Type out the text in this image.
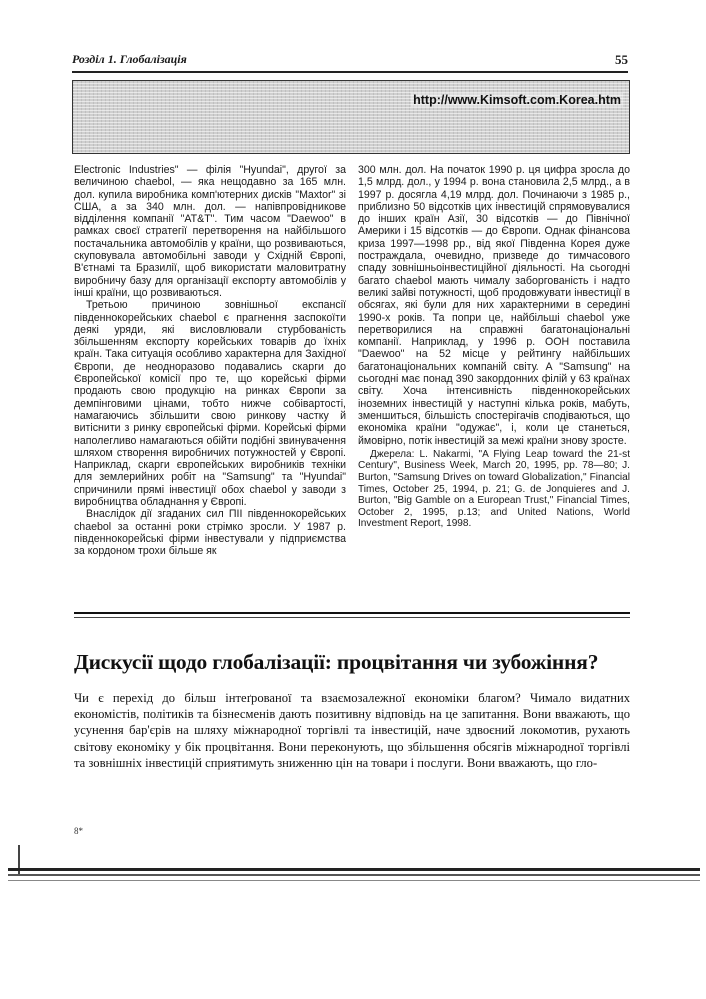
Розділ 1. Глобалізація	55
http://www.Kimsoft.com.Korea.htm

Electronic Industries" — філія "Hyundai", другої за величиною chaebol, — яка нещодавно за 165 млн. дол. купила виробника комп'ютерних дисків "Maxtor" зі США, а за 340 млн. дол. — напівпровідникове відділення компанії "AT&T". Тим часом "Daewoo" в рамках своєї стратегії перетворення на найбільшого постачальника автомобілів у країни, що розвиваються, скуповувала автомобільні заводи у Східній Європі, В'єтнамі та Бразилії, щоб використати маловитратну виробничу базу для організації експорту автомобілів у інші країни, що розвиваються.

Третьою причиною зовнішньої експансії південнокорейських chaebol є прагнення заспокоїти деякі уряди, які висловлювали стурбованість збільшенням експорту корейських товарів до їхніх країн. Така ситуація особливо характерна для Західної Європи, де неодноразово подавались скарги до Європейської комісії про те, що корейські фірми продають свою продукцію на ринках Європи за демпінговими цінами, тобто нижче собівартості, намагаючись збільшити свою ринкову частку й витіснити з ринку європейські фірми. Корейські фірми наполегливо намагаються обійти подібні звинувачення шляхом створення виробничих потужностей у Європі. Наприклад, скарги європейських виробників техніки для землерийних робіт на "Samsung" та "Hyundai" спричинили прямі інвестиції обох chaebol у заводи з виробництва обладнання у Європі.

Внаслідок дії згаданих сил ПІІ південнокорейських chaebol за останні роки стрімко зросли. У 1987 р. південнокорейські фірми інвестували у підприємства за кордоном трохи більше як

300 млн. дол. На початок 1990 р. ця цифра зросла до 1,5 млрд. дол., у 1994 р. вона становила 2,5 млрд., а в 1997 р. досягла 4,19 млрд. дол. Починаючи з 1985 р., приблизно 50 відсотків цих інвестицій спрямовувалися до інших країн Азії, 30 відсотків — до Північної Америки і 15 відсотків — до Європи. Однак фінансова криза 1997—1998 рр., від якої Південна Корея дуже постраждала, очевидно, призведе до тимчасового спаду зовнішньоінвестиційної діяльності. На сьогодні багато chaebol мають чималу заборгованість і надто великі зайві потужності, щоб продовжувати інвестиції в обсягах, які були для них характерними в середині 1990-х років. Та попри це, найбільші chaebol уже перетворилися на справжні багатонаціональні компанії. Наприклад, у 1996 р. ООН поставила "Daewoo" на 52 місце у рейтингу найбільших багатонаціональних компаній світу. А "Samsung" на сьогодні має понад 390 закордонних філій у 63 країнах світу. Хоча інтенсивність південнокорейських іноземних інвестицій у наступні кілька років, мабуть, зменшиться, більшість спостерігачів сподіваються, що економіка країни "одужає", і, коли це станеться, ймовірно, потік інвестицій за межі країни знову зросте.

Джерела: L. Nakarmi, "A Flying Leap toward the 21-st Century", Business Week, March 20, 1995, pp. 78—80; J. Burton, "Samsung Drives on toward Globalization," Financial Times, October 25, 1994, p. 21; G. de Jonquieres and J. Burton, "Big Gamble on a European Trust," Financial Times, October 2, 1995, p.13; and United Nations, World Investment Report, 1998.

Дискусії щодо глобалізації: процвітання чи зубожіння?

Чи є перехід до більш інтеґрованої та взаємозалежної економіки благом? Чимало видатних економістів, політиків та бізнесменів дають позитивну відповідь на це запитання. Вони вважають, що усунення бар'єрів на шляху міжнародної торгівлі та інвестицій, наче здвоєний локомотив, рухають світову економіку у бік процвітання. Вони переконують, що збільшення обсягів міжнародної торгівлі та зовнішніх інвестицій сприятимуть зниженню цін на товари і послуги. Вони вважають, що гло-

8*
